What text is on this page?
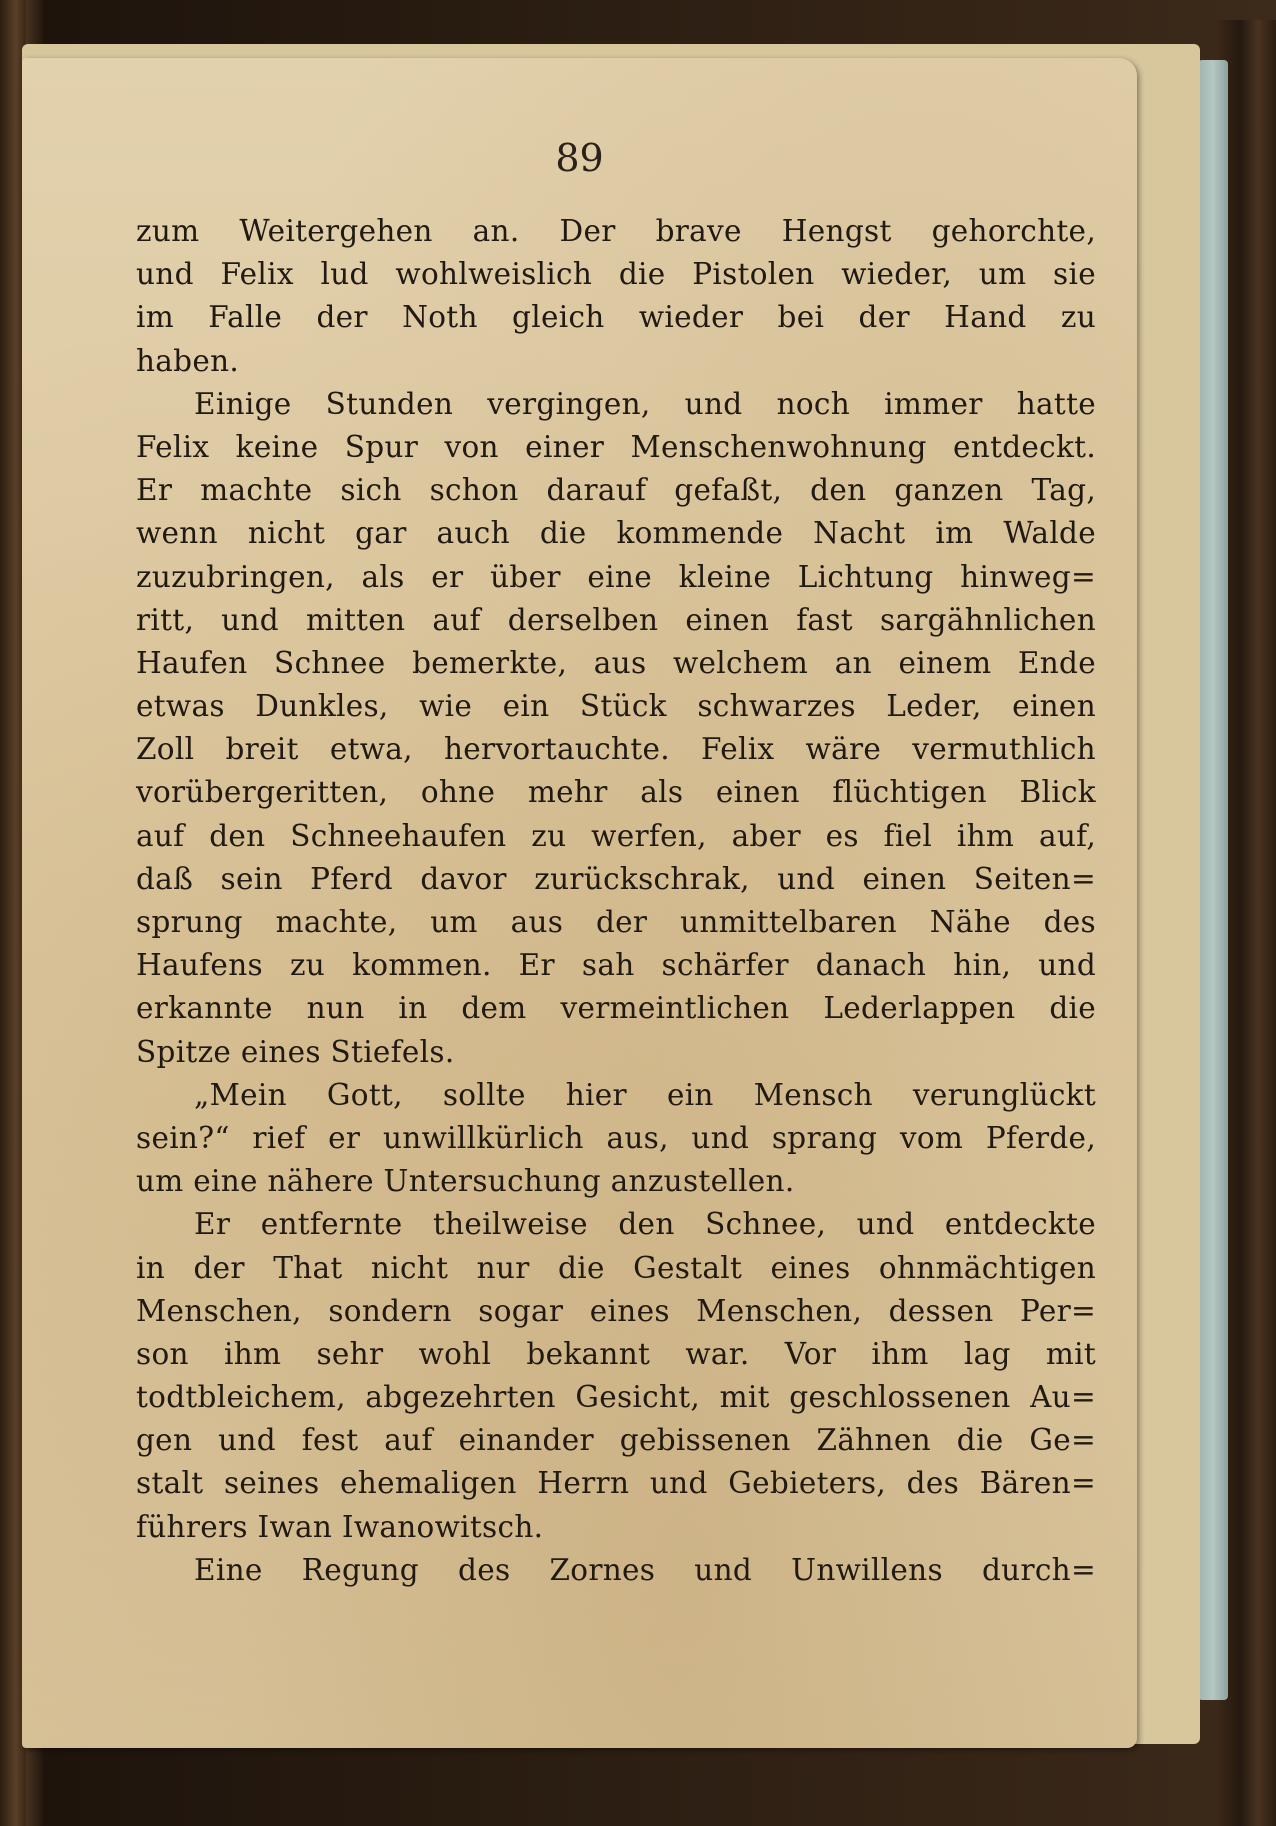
89
zum Weitergehen an. Der brave Hengst gehorchte,
und Felix lud wohlweislich die Pistolen wieder, um sie
im Falle der Noth gleich wieder bei der Hand zu
haben.
Einige Stunden vergingen, und noch immer hatte
Felix keine Spur von einer Menschenwohnung entdeckt.
Er machte sich schon darauf gefaßt, den ganzen Tag,
wenn nicht gar auch die kommende Nacht im Walde
zuzubringen, als er über eine kleine Lichtung hinweg=
ritt, und mitten auf derselben einen fast sargähnlichen
Haufen Schnee bemerkte, aus welchem an einem Ende
etwas Dunkles, wie ein Stück schwarzes Leder, einen
Zoll breit etwa, hervortauchte. Felix wäre vermuthlich
vorübergeritten, ohne mehr als einen flüchtigen Blick
auf den Schneehaufen zu werfen, aber es fiel ihm auf,
daß sein Pferd davor zurückschrak, und einen Seiten=
sprung machte, um aus der unmittelbaren Nähe des
Haufens zu kommen. Er sah schärfer danach hin, und
erkannte nun in dem vermeintlichen Lederlappen die
Spitze eines Stiefels.
„Mein Gott, sollte hier ein Mensch verunglückt
sein?“ rief er unwillkürlich aus, und sprang vom Pferde,
um eine nähere Untersuchung anzustellen.
Er entfernte theilweise den Schnee, und entdeckte
in der That nicht nur die Gestalt eines ohnmächtigen
Menschen, sondern sogar eines Menschen, dessen Per=
son ihm sehr wohl bekannt war. Vor ihm lag mit
todtbleichem, abgezehrten Gesicht, mit geschlossenen Au=
gen und fest auf einander gebissenen Zähnen die Ge=
stalt seines ehemaligen Herrn und Gebieters, des Bären=
führers Iwan Iwanowitsch.
Eine Regung des Zornes und Unwillens durch=
